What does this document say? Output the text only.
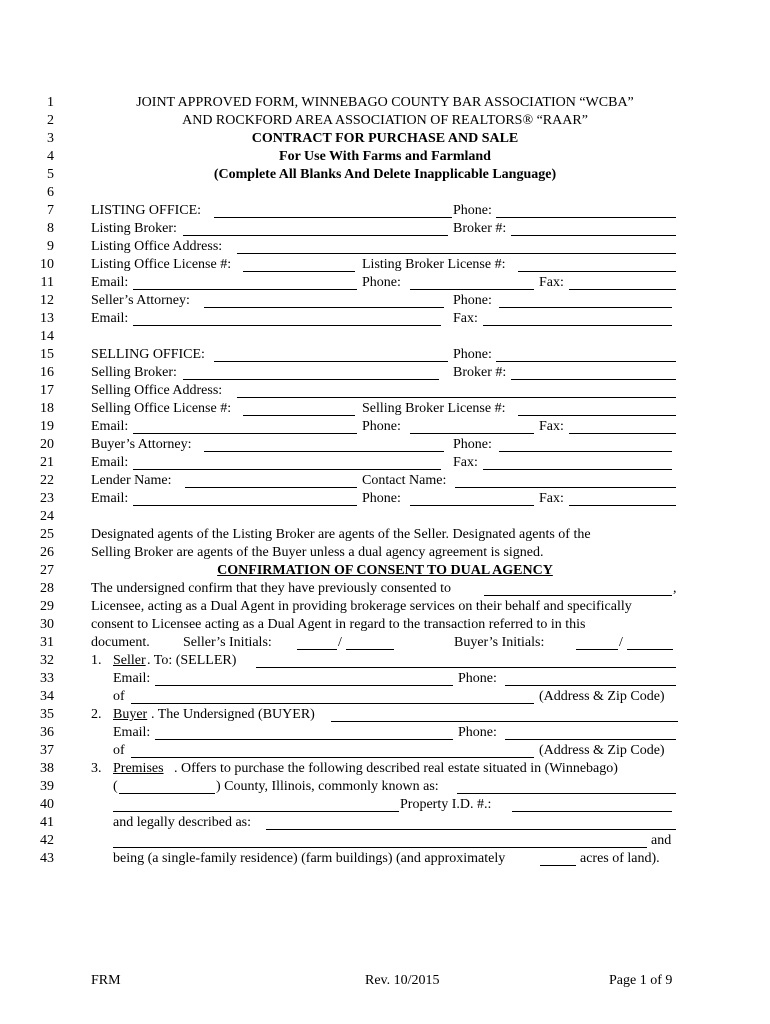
1
2
3
4
5
6
7
8
9
10
11
12
13
14
15
16
17
18
19
20
21
22
23
24
25
26
27
28
29
30
31
32
33
34
35
36
37
38
39
40
41
42
43
JOINT APPROVED FORM, WINNEBAGO COUNTY BAR ASSOCIATION “WCBA”
AND ROCKFORD AREA ASSOCIATION OF REALTORS® “RAAR”
CONTRACT FOR PURCHASE AND SALE
For Use With Farms and Farmland
(Complete All Blanks And Delete Inapplicable Language)
LISTING OFFICE:	Phone:
Listing Broker:	Broker #:
Listing Office Address:
Listing Office License #:	Listing Broker License #:
Email:	Phone:	Fax:
Seller’s Attorney:	Phone:
Email:	Fax:
SELLING OFFICE:	Phone:
Selling Broker:	Broker #:
Selling Office Address:
Selling Office License #:	Selling Broker License #:
Email:	Phone:	Fax:
Buyer’s Attorney:	Phone:
Email:	Fax:
Lender Name:	Contact Name:
Email:	Phone:	Fax:
Designated agents of the Listing Broker are agents of the Seller. Designated agents of the
Selling Broker are agents of the Buyer unless a dual agency agreement is signed.
CONFIRMATION OF CONSENT TO DUAL AGENCY
The undersigned confirm that they have previously consented to	,
Licensee, acting as a Dual Agent in providing brokerage services on their behalf and specifically
consent to Licensee acting as a Dual Agent in regard to the transaction referred to in this
document. Seller’s Initials:	/	Buyer’s Initials:	/
1. Seller . To: (SELLER)
Email:	Phone:
of	(Address & Zip Code)
2. Buyer . The Undersigned (BUYER)
Email:	Phone:
of	(Address & Zip Code)
3. Premises . Offers to purchase the following described real estate situated in (Winnebago)
(	) County, Illinois, commonly known as:
Property I.D. #.:
and legally described as:
and
being (a single-family residence) (farm buildings) (and approximately	acres of land).
FRM	Rev. 10/2015	Page 1 of 9
